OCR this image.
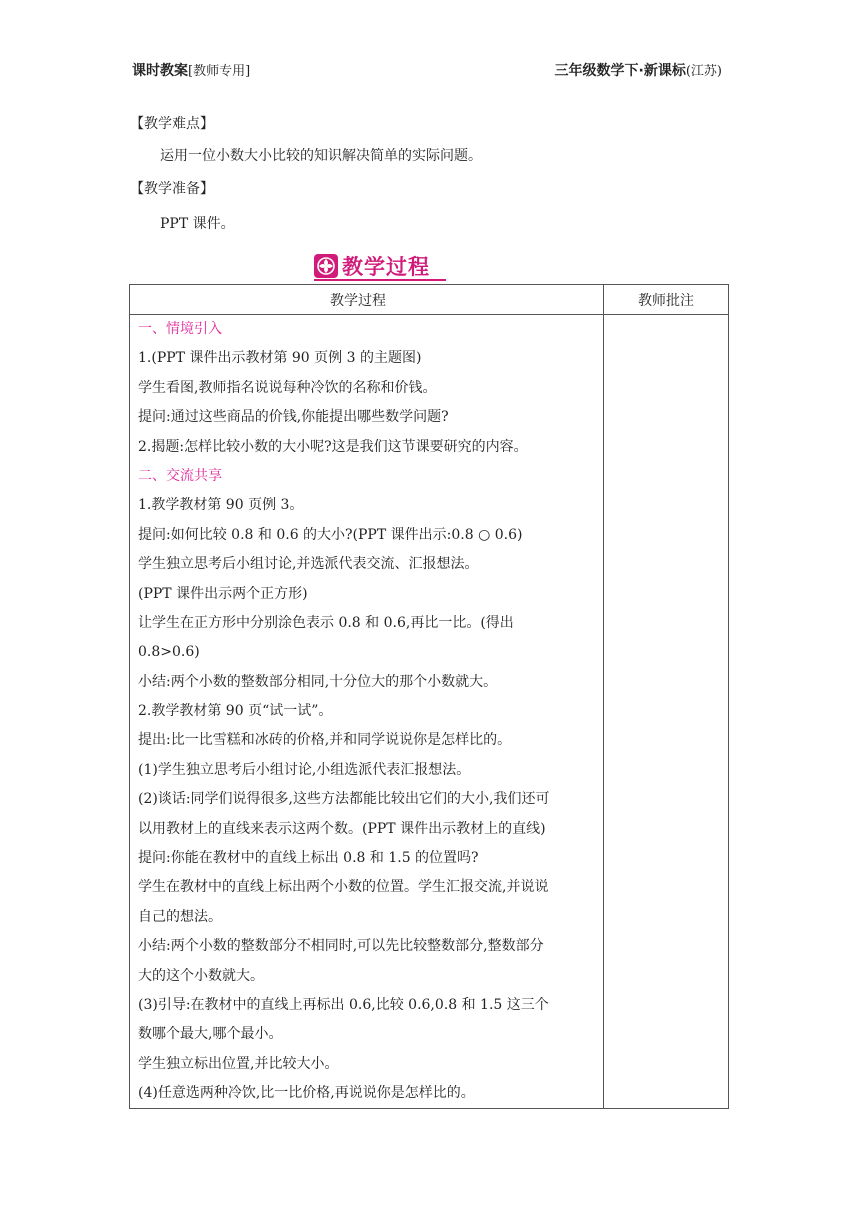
课时教案[教师专用]	三年级数学下·新课标(江苏)
【教学难点】
运用一位小数大小比较的知识解决简单的实际问题。
【教学准备】
PPT 课件。
教学过程
教学过程	教师批注
一、情境引入
1.(PPT 课件出示教材第 90 页例 3 的主题图)
学生看图,教师指名说说每种冷饮的名称和价钱。
提问:通过这些商品的价钱,你能提出哪些数学问题?
2.揭题:怎样比较小数的大小呢?这是我们这节课要研究的内容。
二、交流共享
1.教学教材第 90 页例 3。
提问:如何比较 0.8 和 0.6 的大小?(PPT 课件出示:0.8 ○ 0.6)
学生独立思考后小组讨论,并选派代表交流、汇报想法。
(PPT 课件出示两个正方形)
让学生在正方形中分别涂色表示 0.8 和 0.6,再比一比。(得出
0.8>0.6)
小结:两个小数的整数部分相同,十分位大的那个小数就大。
2.教学教材第 90 页“试一试”。
提出:比一比雪糕和冰砖的价格,并和同学说说你是怎样比的。
(1)学生独立思考后小组讨论,小组选派代表汇报想法。
(2)谈话:同学们说得很多,这些方法都能比较出它们的大小,我们还可
以用教材上的直线来表示这两个数。(PPT 课件出示教材上的直线)
提问:你能在教材中的直线上标出 0.8 和 1.5 的位置吗?
学生在教材中的直线上标出两个小数的位置。学生汇报交流,并说说
自己的想法。
小结:两个小数的整数部分不相同时,可以先比较整数部分,整数部分
大的这个小数就大。
(3)引导:在教材中的直线上再标出 0.6,比较 0.6,0.8 和 1.5 这三个
数哪个最大,哪个最小。
学生独立标出位置,并比较大小。
(4)任意选两种冷饮,比一比价格,再说说你是怎样比的。
